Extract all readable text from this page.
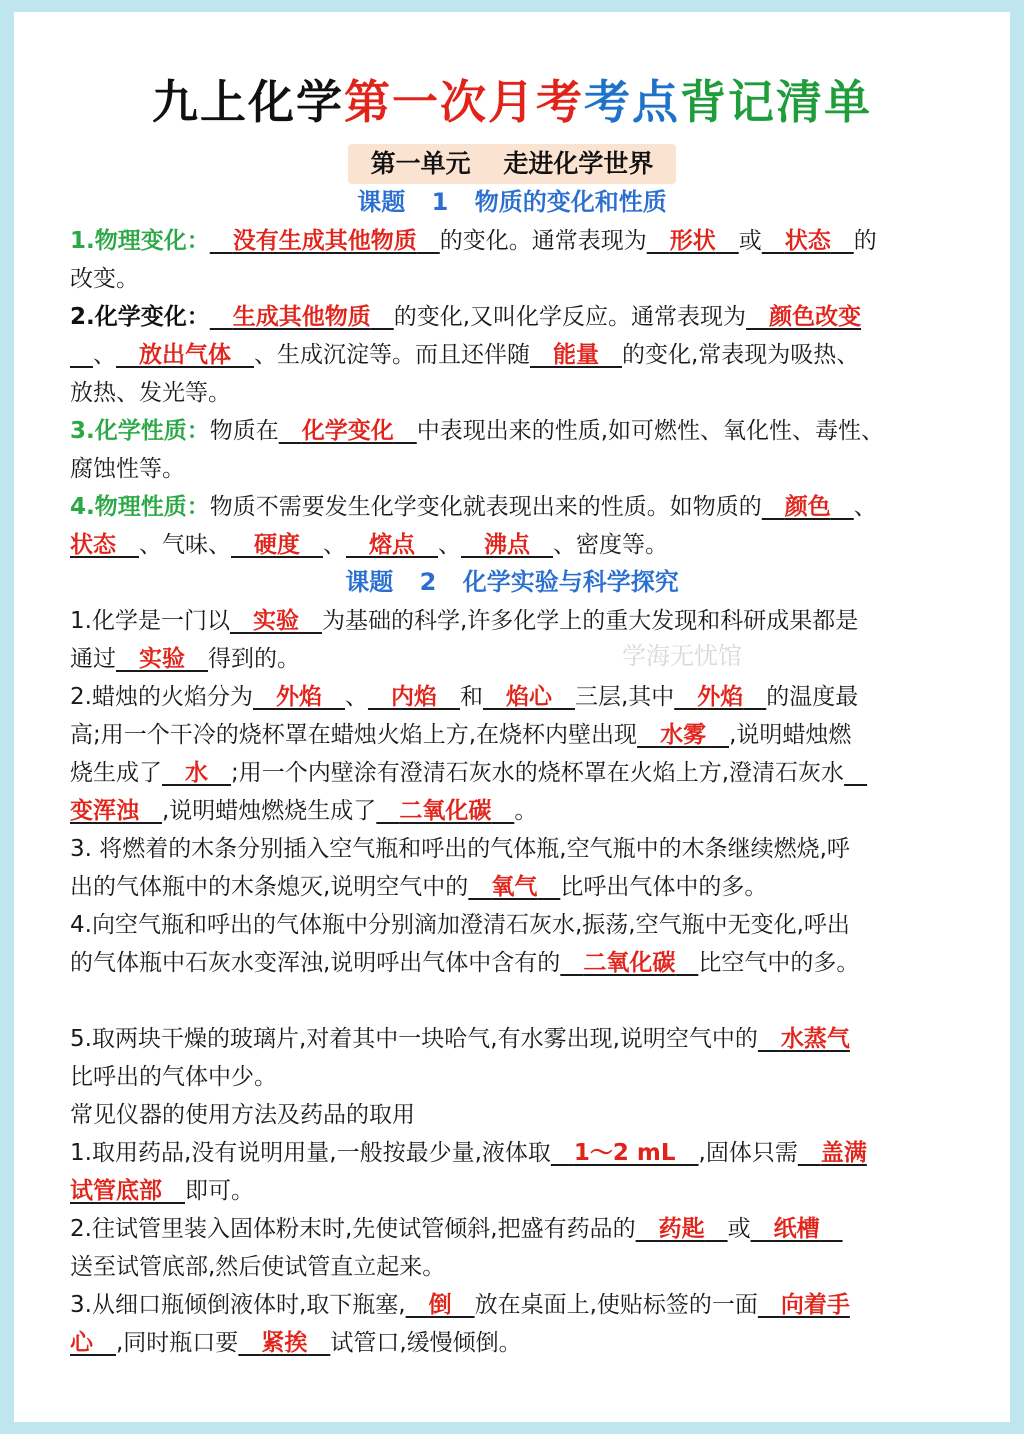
九上化学第一次月考考点背记清单
第一单元 走进化学世界
课题 1 物质的变化和性质
1.物理变化：  没有生成其他物质  的变化。通常表现为  形状  或  状态  的
改变。
2.化学变化：  生成其他物质  的变化,又叫化学反应。通常表现为  颜色改变
 、  放出气体  、生成沉淀等。而且还伴随  能量  的变化,常表现为吸热、
放热、发光等。
3.化学性质：物质在  化学变化  中表现出来的性质,如可燃性、氧化性、毒性、
腐蚀性等。
4.物理性质：物质不需要发生化学变化就表现出来的性质。如物质的  颜色  、
状态  、气味、  硬度  、  熔点  、  沸点  、密度等。
课题 2 化学实验与科学探究
1.化学是一门以  实验  为基础的科学,许多化学上的重大发现和科研成果都是
通过  实验  得到的。	学海无忧馆
2.蜡烛的火焰分为  外焰  、  内焰  和  焰心  三层,其中  外焰  的温度最
高;用一个干冷的烧杯罩在蜡烛火焰上方,在烧杯内壁出现  水雾  ,说明蜡烛燃
烧生成了  水  ;用一个内壁涂有澄清石灰水的烧杯罩在火焰上方,澄清石灰水 
变浑浊  ,说明蜡烛燃烧生成了  二氧化碳  。
3. 将燃着的木条分别插入空气瓶和呼出的气体瓶,空气瓶中的木条继续燃烧,呼
出的气体瓶中的木条熄灭,说明空气中的  氧气  比呼出气体中的多。
4.向空气瓶和呼出的气体瓶中分别滴加澄清石灰水,振荡,空气瓶中无变化,呼出
的气体瓶中石灰水变浑浊,说明呼出气体中含有的  二氧化碳  比空气中的多。
5.取两块干燥的玻璃片,对着其中一块哈气,有水雾出现,说明空气中的  水蒸气
比呼出的气体中少。
常见仪器的使用方法及药品的取用
1.取用药品,没有说明用量,一般按最少量,液体取  1～2 mL  ,固体只需  盖满
试管底部  即可。
2.往试管里装入固体粉末时,先使试管倾斜,把盛有药品的  药匙  或  纸槽 
送至试管底部,然后使试管直立起来。
3.从细口瓶倾倒液体时,取下瓶塞,  倒  放在桌面上,使贴标签的一面  向着手
心  ,同时瓶口要  紧挨  试管口,缓慢倾倒。
